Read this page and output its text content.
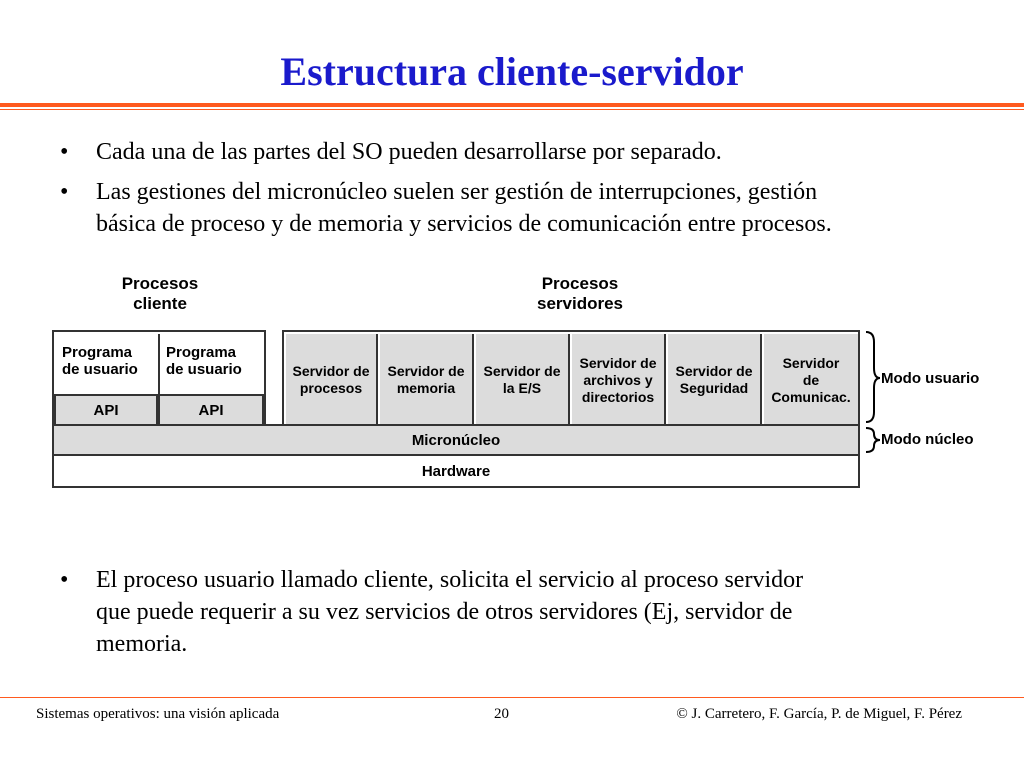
Estructura cliente-servidor
• Cada una de las partes del SO pueden desarrollarse por separado.
• Las gestiones del micronúcleo suelen ser gestión de interrupciones, gestión
básica de proceso y de memoria y servicios de comunicación entre procesos.
Procesos
cliente
Procesos
servidores
Programa
de usuario
Programa
de usuario
API	API
Servidor de
procesos
Servidor de
memoria
Servidor de
la E/S
Servidor de
archivos y
directorios
Servidor de
Seguridad
Servidor
de
Comunicac.
Micronúcleo
Hardware
Modo usuario
Modo núcleo
• El proceso usuario llamado cliente, solicita el servicio al proceso servidor
que puede requerir a su vez servicios de otros servidores (Ej, servidor de
memoria.
Sistemas operativos: una visión aplicada	20	© J. Carretero, F. García, P. de Miguel, F. Pérez
